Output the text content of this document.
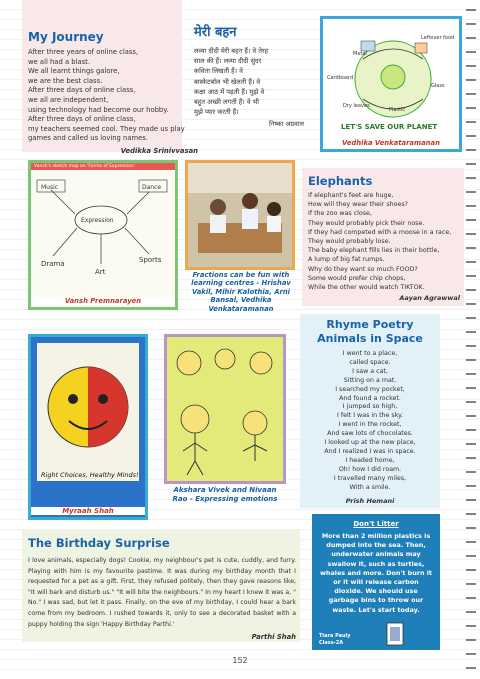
My Journey
After three years of online class,
we all had a blast.
We all learnt things galore,
we are the best class.
After three days of online class,
we all are independent,
using technology had become our hobby.
After three days of online class,
my teachers seemed cool. They made us play
games and called us loving names.
Vedikka Srinivvasan
मेरी बहन
लव्या दीदी मेरी बहन हैं। वे तेरह
साल की हैं। लव्या दीदी सुंदर
कविता लिखती हैं। वे
बास्केटबॉल भी खेलती हैं। वे
कक्षा आठ में पढ़ती हैं। मुझे वे
बहुत अच्छी लगती हैं। वे भी
मुझे प्यार करती हैं।
निष्का अग्रवाल
Metal
Leftover food
Cardboard
Dry leaves
Plastic
Glass
LET'S SAVE OUR PLANET
Vedhika Venkataramanan
Vansh's sketch map on 'Forms of Expression'
Expression
Music	Dance
Sports
Drama
Art
Vansh Premnarayen
Fractions can be fun with learning centres - Hrishav Vakil, Mihir Kalothia, Arni Bansal, Vedhika Venkataramanan
Elephants
If elephant's feet are huge,
How will they wear their shoes?
If the zoo was close,
They would probably pick their nose.
If they had competed with a moose in a race,
They would probably lose.
The baby elephant fills lies in their bottle,
A lump of big fat rumps.
Why do they want so much FOOD?
Some would prefer chip chops,
While the other would watch TIKTOK.
Aayan Agrawwal
Rhyme Poetry Animals in Space
I went to a place,
called space.
I saw a cat,
Sitting on a mat.
I searched my pocket,
And found a rocket.
I jumped so high,
I felt I was in the sky.
I went in the rocket,
And saw lots of chocolates.
I looked up at the new place,
And I realized I was in space.
I headed home,
Oh! how I did roam.
I travelled many miles,
With a smile.
Prish Hemani
Right Choices, Healthy Minds!
Myraah Shah
Akshara Vivek and Nivaan Rao - Expressing emotions
The Birthday Surprise
I love animals, especially dogs! Cookie, my neighbour's pet is cute, cuddly, and furry. Playing with him is my favourite pastime. It was during my birthday month that I requested for a pet as a gift. First, they refused politely, then they gave reasons like, "It will bark and disturb us." "It will bite the neighbours." In my heart I knew it was a, " No." I was sad, but let it pass. Finally, on the eve of my birthday, I could hear a bark come from my bedroom. I rushed towards it, only to see a decorated basket with a puppy holding the sign 'Happy Birthday Parthi.'
Parthi Shah
Don't Litter
More than 2 million plastics is dumped into the sea. Then, underwater animals may swallow it, such as turtles, whales and more. Don't burn it or it will release carbon dioxide. We should use garbage bins to throw our waste. Let's start today.
Tiara Pauly
Class-2A
152
